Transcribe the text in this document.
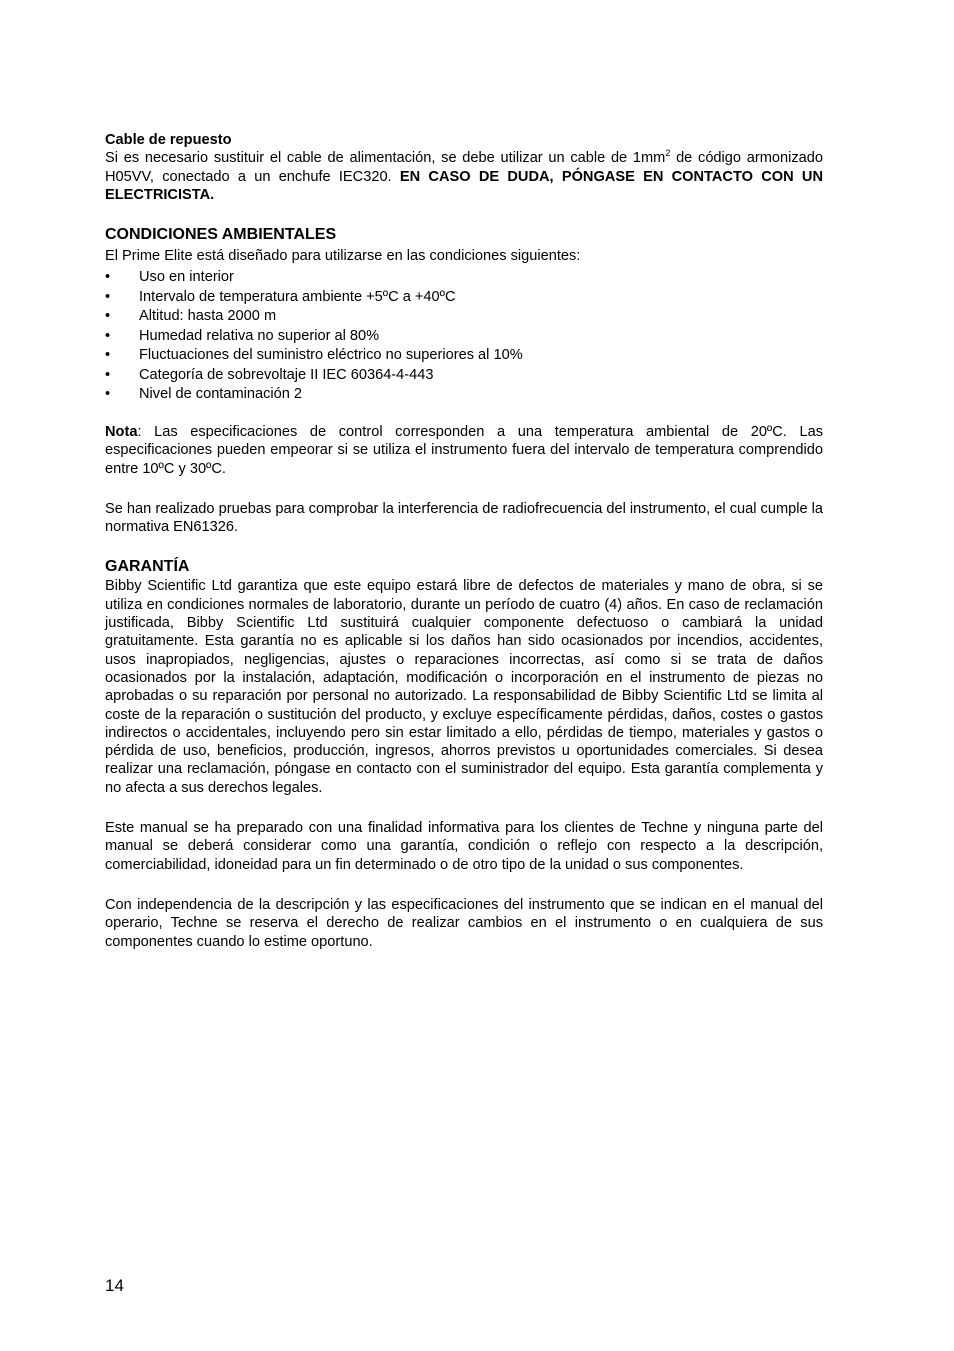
Cable de repuesto

Si es necesario sustituir el cable de alimentación, se debe utilizar un cable de $1mm^2$ de código armonizado H05VV, conectado a un enchufe IEC320. EN CASO DE DUDA, PÓNGASE EN CONTACTO CON UN ELECTRICISTA.

CONDICIONES AMBIENTALES

El Prime Elite está diseñado para utilizarse en las condiciones siguientes:

• Uso en interior
• Intervalo de temperatura ambiente +5ºC a +40ºC
• Altitud: hasta 2000 m
• Humedad relativa no superior al 80%
• Fluctuaciones del suministro eléctrico no superiores al 10%
• Categoría de sobrevoltaje II IEC 60364-4-443
• Nivel de contaminación 2

Nota: Las especificaciones de control corresponden a una temperatura ambiental de 20ºC. Las especificaciones pueden empeorar si se utiliza el instrumento fuera del intervalo de temperatura comprendido entre 10ºC y 30ºC.

Se han realizado pruebas para comprobar la interferencia de radiofrecuencia del instrumento, el cual cumple la normativa EN61326.

GARANTÍA

Bibby Scientific Ltd garantiza que este equipo estará libre de defectos de materiales y mano de obra, si se utiliza en condiciones normales de laboratorio, durante un período de cuatro (4) años. En caso de reclamación justificada, Bibby Scientific Ltd sustituirá cualquier componente defectuoso o cambiará la unidad gratuitamente. Esta garantía no es aplicable si los daños han sido ocasionados por incendios, accidentes, usos inapropiados, negligencias, ajustes o reparaciones incorrectas, así como si se trata de daños ocasionados por la instalación, adaptación, modificación o incorporación en el instrumento de piezas no aprobadas o su reparación por personal no autorizado. La responsabilidad de Bibby Scientific Ltd se limita al coste de la reparación o sustitución del producto, y excluye específicamente pérdidas, daños, costes o gastos indirectos o accidentales, incluyendo pero sin estar limitado a ello, pérdidas de tiempo, materiales y gastos o pérdida de uso, beneficios, producción, ingresos, ahorros previstos u oportunidades comerciales. Si desea realizar una reclamación, póngase en contacto con el suministrador del equipo. Esta garantía complementa y no afecta a sus derechos legales.

Este manual se ha preparado con una finalidad informativa para los clientes de Techne y ninguna parte del manual se deberá considerar como una garantía, condición o reflejo con respecto a la descripción, comerciabilidad, idoneidad para un fin determinado o de otro tipo de la unidad o sus componentes.

Con independencia de la descripción y las especificaciones del instrumento que se indican en el manual del operario, Techne se reserva el derecho de realizar cambios en el instrumento o en cualquiera de sus componentes cuando lo estime oportuno.

14
